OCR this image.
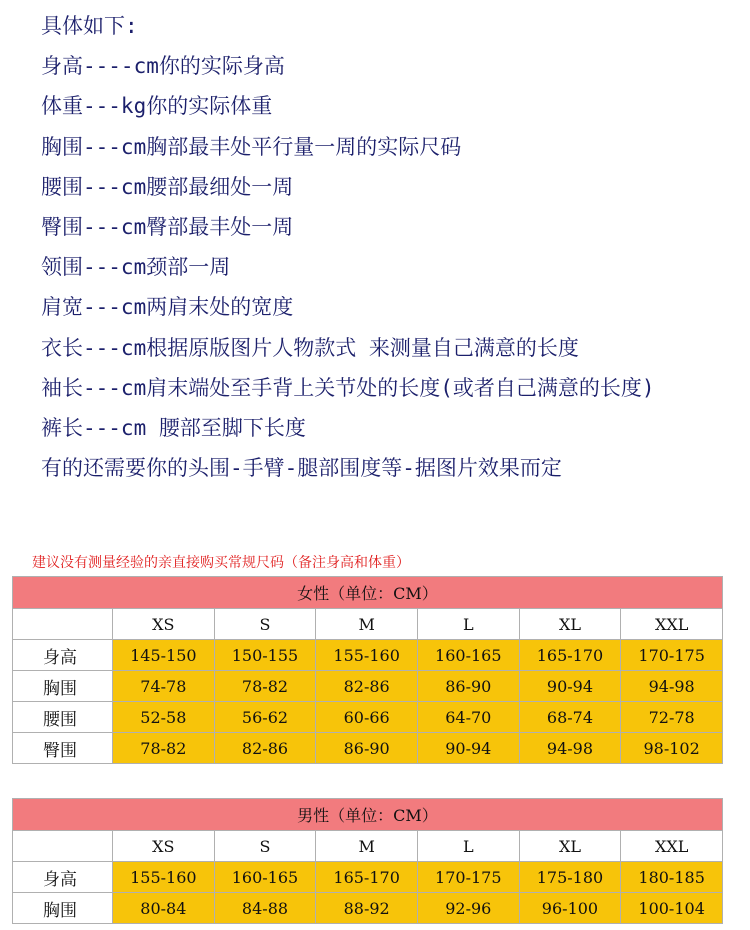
具体如下:
身高----cm你的实际身高
体重---kg你的实际体重
胸围---cm胸部最丰处平行量一周的实际尺码
腰围---cm腰部最细处一周
臀围---cm臀部最丰处一周
领围---cm颈部一周
肩宽---cm两肩末处的宽度
衣长---cm根据原版图片人物款式 来测量自己满意的长度
袖长---cm肩末端处至手背上关节处的长度(或者自己满意的长度)
裤长---cm 腰部至脚下长度
有的还需要你的头围-手臂-腿部围度等-据图片效果而定
建议没有测量经验的亲直接购买常规尺码（备注身高和体重）
女性（单位：CM）						
	XS	S	M	L	XL	XXL
身高	145-150	150-155	155-160	160-165	165-170	170-175
胸围	74-78	78-82	82-86	86-90	90-94	94-98
腰围	52-58	56-62	60-66	64-70	68-74	72-78
臀围	78-82	82-86	86-90	90-94	94-98	98-102
男性（单位：CM）						
	XS	S	M	L	XL	XXL
身高	155-160	160-165	165-170	170-175	175-180	180-185
胸围	80-84	84-88	88-92	92-96	96-100	100-104
